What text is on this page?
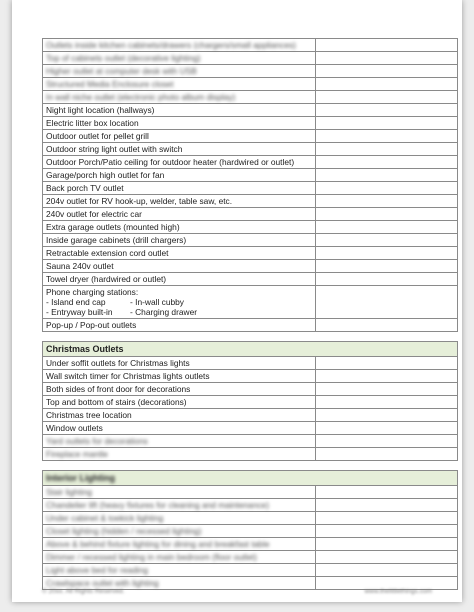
Outlets inside kitchen cabinets/drawers (chargers/small appliances)	
Top of cabinets outlet (decorative lighting)	
Higher outlet at computer desk with USB	
Structured Media Enclosure closet	
In wall niche outlet (electronic photo album display)	
Night light location (hallways)	
Electric litter box location	
Outdoor outlet for pellet grill	
Outdoor string light outlet with switch	
Outdoor Porch/Patio ceiling for outdoor heater (hardwired or outlet)	
Garage/porch high outlet for fan	
Back porch TV outlet	
204v outlet for RV hook-up, welder, table saw, etc.	
240v outlet for electric car	
Extra garage outlets (mounted high)	
Inside garage cabinets (drill chargers)	
Retractable extension cord outlet	
Sauna 240v outlet	
Towel dryer (hardwired or outlet)	

Phone charging stations:
- Island end cap - In-wall cubby
- Entryway built-in - Charging drawer	

Pop-up / Pop-out outlets	

Christmas Outlets	
Under soffit outlets for Christmas lights	
Wall switch timer for Christmas lights outlets	
Both sides of front door for decorations	
Top and bottom of stairs (decorations)	
Christmas tree location	
Window outlets	
Yard outlets for decorations	
Fireplace mantle	

Interior Lighting	
Stair lighting	
Chandelier lift (heavy fixtures for cleaning and maintenance)	
Under cabinet & toekick lighting	
Closet lighting (hidden / recessed lighting)	
Above & behind fixture lighting for dining and breakfast table	
Dimmer / recessed lighting in main bedroom (floor outlet)	
Light above bed for reading	
Crawlspace outlet with lighting	
© 20xx. All Rights Reserved.	www.thelittlethings.com
